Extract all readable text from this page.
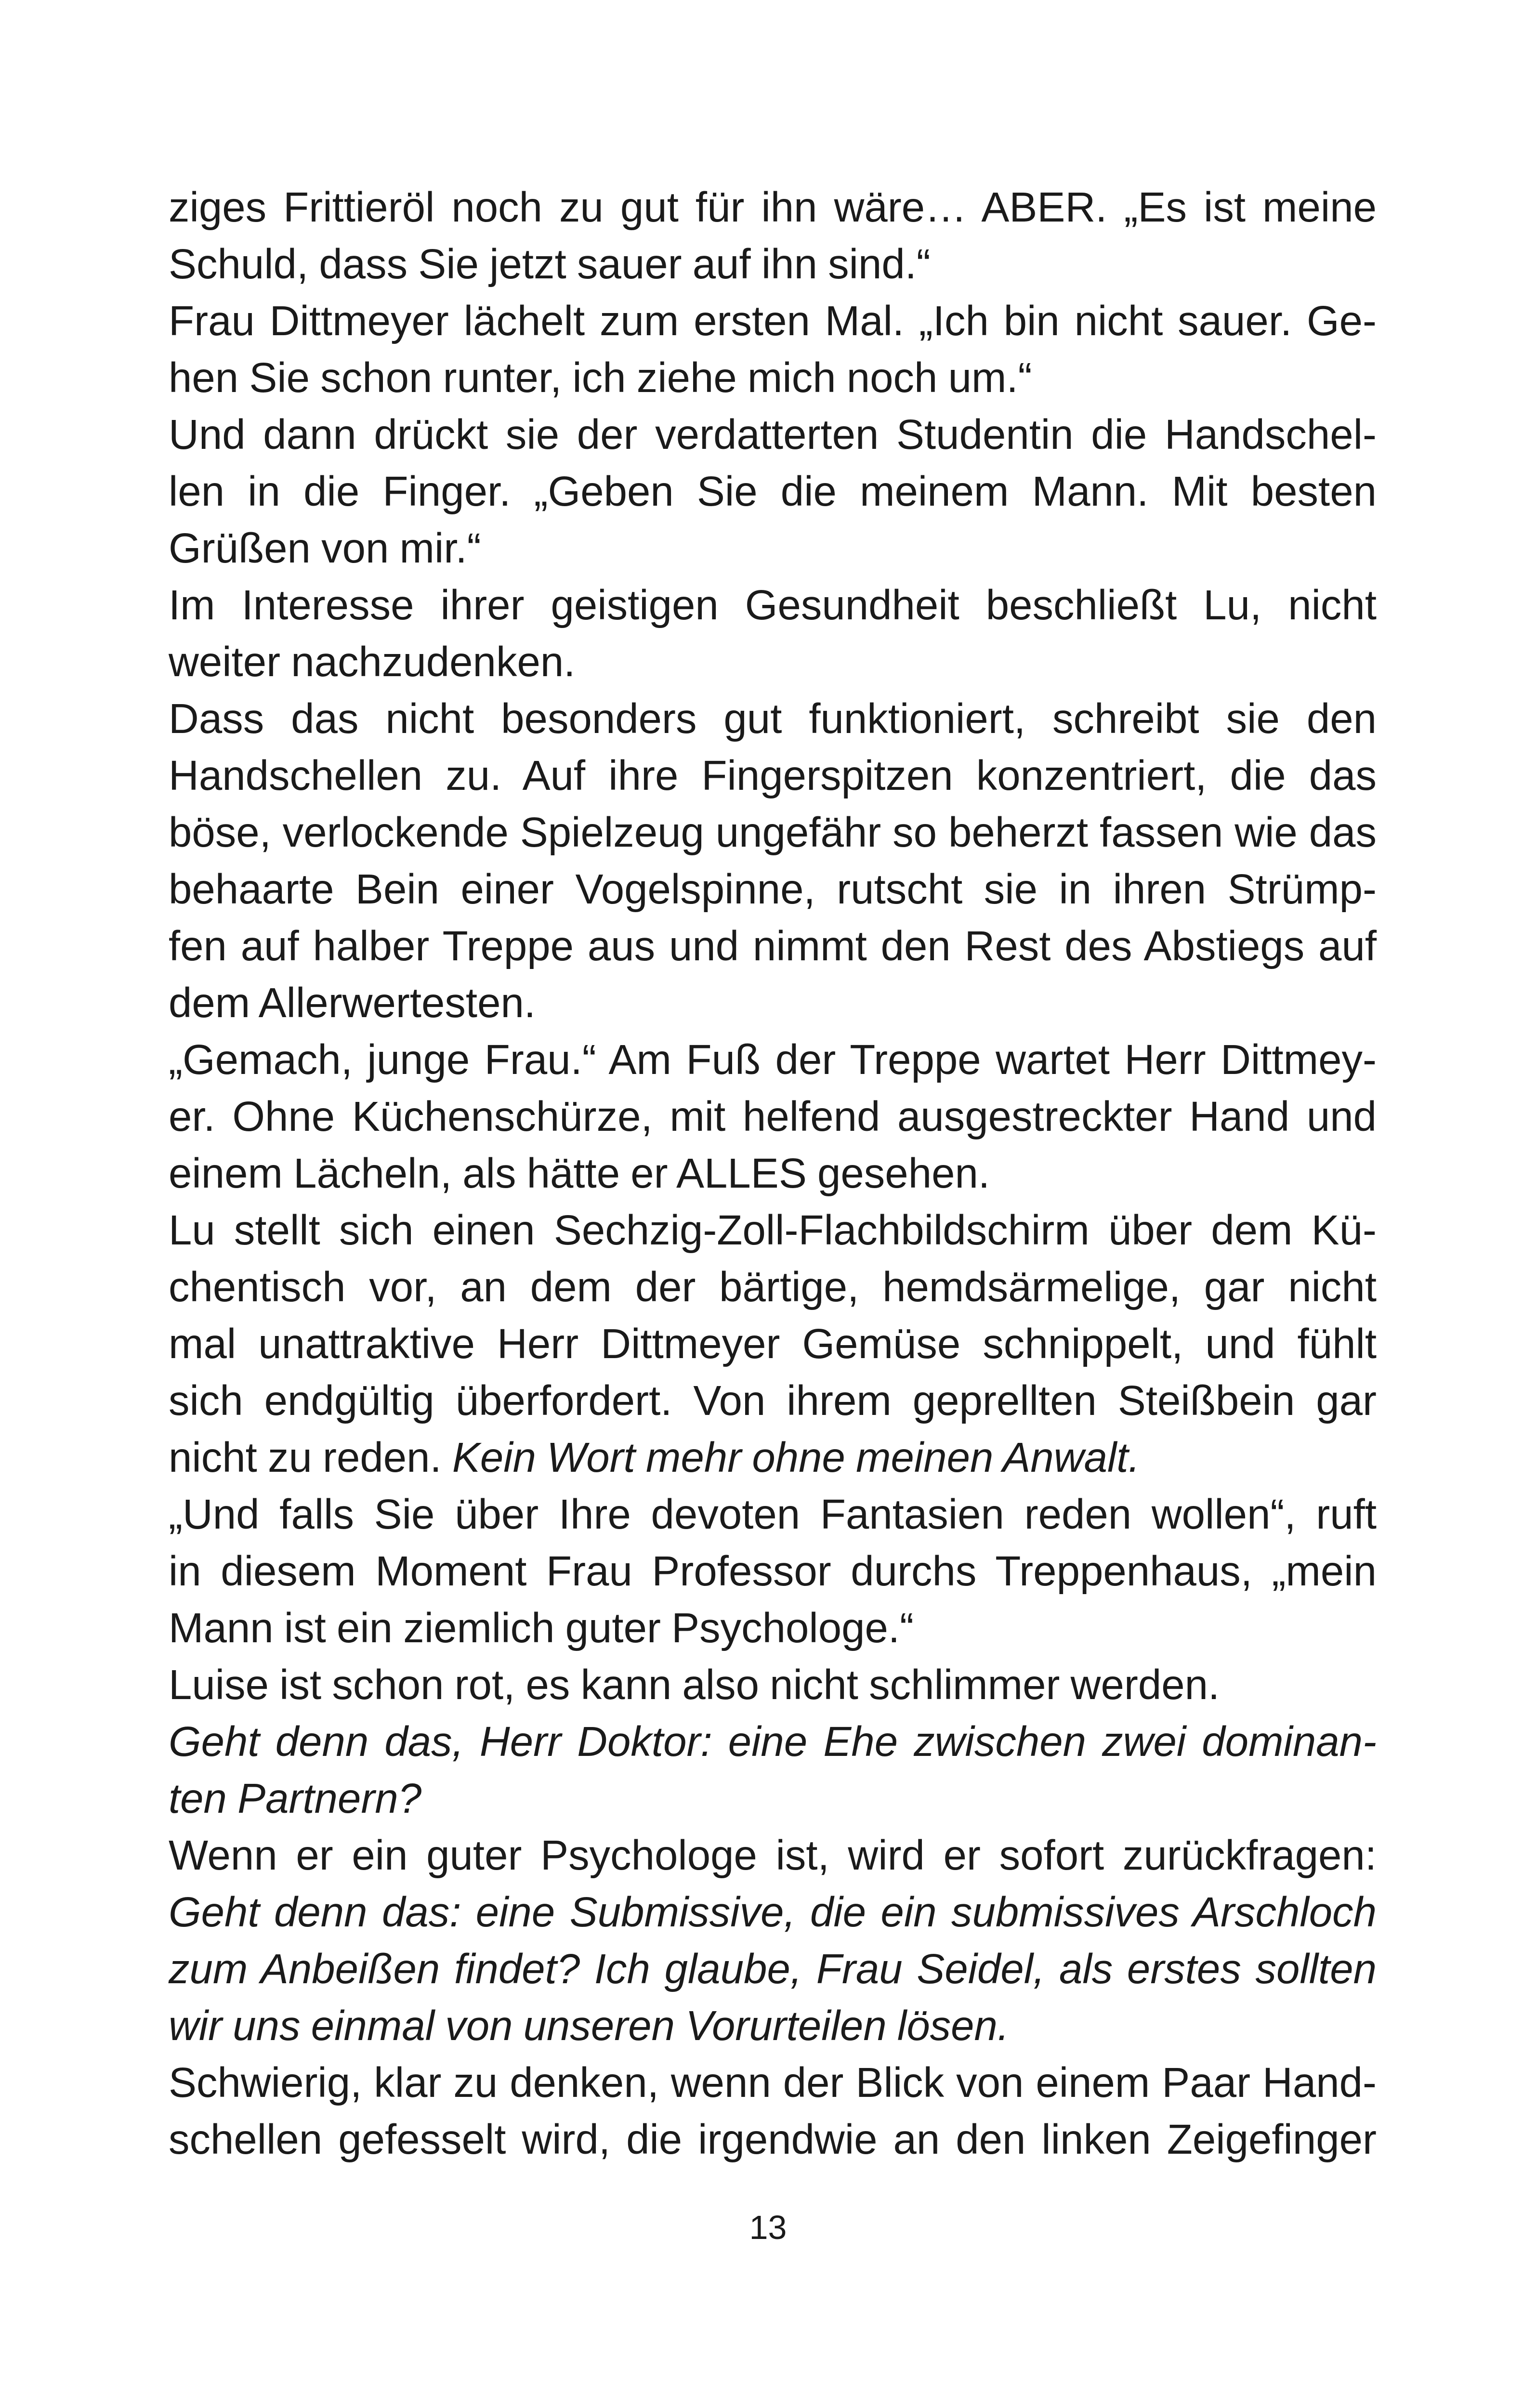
ziges Frittieröl noch zu gut für ihn wäre… ABER. „Es ist meine
Schuld, dass Sie jetzt sauer auf ihn sind.“
Frau Dittmeyer lächelt zum ersten Mal. „Ich bin nicht sauer. Ge-
hen Sie schon runter, ich ziehe mich noch um.“
Und dann drückt sie der verdatterten Studentin die Handschel-
len in die Finger. „Geben Sie die meinem Mann. Mit besten
Grüßen von mir.“
Im Interesse ihrer geistigen Gesundheit beschließt Lu, nicht
weiter nachzudenken.
Dass das nicht besonders gut funktioniert, schreibt sie den
Handschellen zu. Auf ihre Fingerspitzen konzentriert, die das
böse, verlockende Spielzeug ungefähr so beherzt fassen wie das
behaarte Bein einer Vogelspinne, rutscht sie in ihren Strümp-
fen auf halber Treppe aus und nimmt den Rest des Abstiegs auf
dem Allerwertesten.
„Gemach, junge Frau.“ Am Fuß der Treppe wartet Herr Dittmey-
er. Ohne Küchenschürze, mit helfend ausgestreckter Hand und
einem Lächeln, als hätte er ALLES gesehen.
Lu stellt sich einen Sechzig-Zoll-Flachbildschirm über dem Kü-
chentisch vor, an dem der bärtige, hemdsärmelige, gar nicht
mal unattraktive Herr Dittmeyer Gemüse schnippelt, und fühlt
sich endgültig überfordert. Von ihrem geprellten Steißbein gar
nicht zu reden. Kein Wort mehr ohne meinen Anwalt.
„Und falls Sie über Ihre devoten Fantasien reden wollen“, ruft
in diesem Moment Frau Professor durchs Treppenhaus, „mein
Mann ist ein ziemlich guter Psychologe.“
Luise ist schon rot, es kann also nicht schlimmer werden.
Geht denn das, Herr Doktor: eine Ehe zwischen zwei dominan-
ten Partnern?
Wenn er ein guter Psychologe ist, wird er sofort zurückfragen:
Geht denn das: eine Submissive, die ein submissives Arschloch
zum Anbeißen findet? Ich glaube, Frau Seidel, als erstes sollten
wir uns einmal von unseren Vorurteilen lösen.
Schwierig, klar zu denken, wenn der Blick von einem Paar Hand-
schellen gefesselt wird, die irgendwie an den linken Zeigefinger
13
